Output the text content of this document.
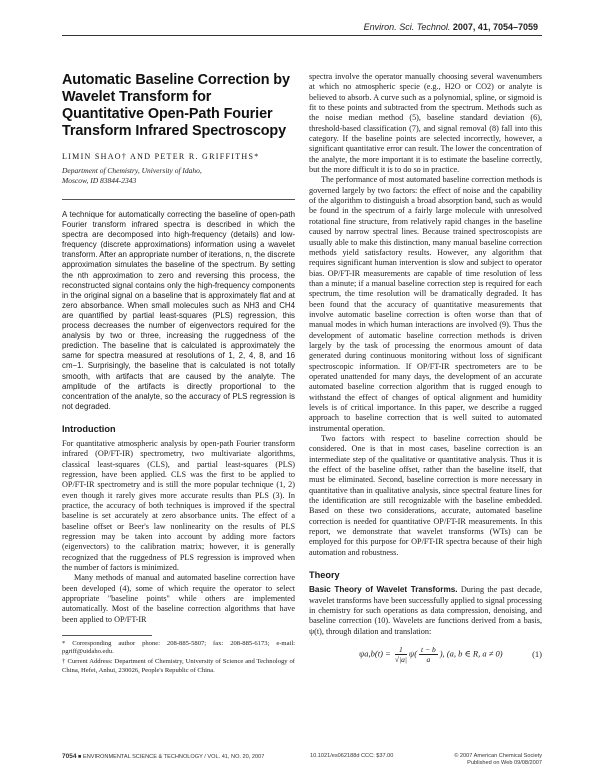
Environ. Sci. Technol. 2007, 41, 7054–7059
Automatic Baseline Correction by Wavelet Transform for Quantitative Open-Path Fourier Transform Infrared Spectroscopy

LIMIN SHAO† AND PETER R. GRIFFITHS*

Department of Chemistry, University of Idaho,
Moscow, ID 83844-2343

A technique for automatically correcting the baseline of open-path Fourier transform infrared spectra is described in which the spectra are decomposed into high-frequency (details) and low-frequency (discrete approximations) information using a wavelet transform. After an appropriate number of iterations, n, the discrete approximation simulates the baseline of the spectrum. By setting the nth approximation to zero and reversing this process, the reconstructed signal contains only the high-frequency components in the original signal on a baseline that is approximately flat and at zero absorbance. When small molecules such as NH3 and CH4 are quantified by partial least-squares (PLS) regression, this process decreases the number of eigenvectors required for the analysis by two or three, increasing the ruggedness of the prediction. The baseline that is calculated is approximately the same for spectra measured at resolutions of 1, 2, 4, 8, and 16 cm−1. Surprisingly, the baseline that is calculated is not totally smooth, with artifacts that are caused by the analyte. The amplitude of the artifacts is directly proportional to the concentration of the analyte, so the accuracy of PLS regression is not degraded.

Introduction

For quantitative atmospheric analysis by open-path Fourier transform infrared (OP/FT-IR) spectrometry, two multivariate algorithms, classical least-squares (CLS), and partial least-squares (PLS) regression, have been applied. CLS was the first to be applied to OP/FT-IR spectrometry and is still the more popular technique (1, 2) even though it rarely gives more accurate results than PLS (3). In practice, the accuracy of both techniques is improved if the spectral baseline is set accurately at zero absorbance units. The effect of a baseline offset or Beer's law nonlinearity on the results of PLS regression may be taken into account by adding more factors (eigenvectors) to the calibration matrix; however, it is generally recognized that the ruggedness of PLS regression is improved when the number of factors is minimized.

Many methods of manual and automated baseline correction have been developed (4), some of which require the operator to select appropriate "baseline points" while others are implemented automatically. Most of the baseline correction algorithms that have been applied to OP/FT-IR

* Corresponding author phone: 208-885-5807; fax: 208-885-6173; e-mail: pgriff@uidaho.edu.

† Current Address: Department of Chemistry, University of Science and Technology of China, Hefei, Anhui, 230026, People's Republic of China.

spectra involve the operator manually choosing several wavenumbers at which no atmospheric specie (e.g., H2O or CO2) or analyte is believed to absorb. A curve such as a polynomial, spline, or sigmoid is fit to these points and subtracted from the spectrum. Methods such as the noise median method (5), baseline standard deviation (6), threshold-based classification (7), and signal removal (8) fall into this category. If the baseline points are selected incorrectly, however, a significant quantitative error can result. The lower the concentration of the analyte, the more important it is to estimate the baseline correctly, but the more difficult it is to do so in practice.

The performance of most automated baseline correction methods is governed largely by two factors: the effect of noise and the capability of the algorithm to distinguish a broad absorption band, such as would be found in the spectrum of a fairly large molecule with unresolved rotational fine structure, from relatively rapid changes in the baseline caused by narrow spectral lines. Because trained spectroscopists are usually able to make this distinction, many manual baseline correction methods yield satisfactory results. However, any algorithm that requires significant human intervention is slow and subject to operator bias. OP/FT-IR measurements are capable of time resolution of less than a minute; if a manual baseline correction step is required for each spectrum, the time resolution will be dramatically degraded. It has been found that the accuracy of quantitative measurements that involve automatic baseline correction is often worse than that of manual modes in which human interactions are involved (9). Thus the development of automatic baseline correction methods is driven largely by the task of processing the enormous amount of data generated during continuous monitoring without loss of significant spectroscopic information. If OP/FT-IR spectrometers are to be operated unattended for many days, the development of an accurate automated baseline correction algorithm that is rugged enough to withstand the effect of changes of optical alignment and humidity levels is of critical importance. In this paper, we describe a rugged approach to baseline correction that is well suited to automated instrumental operation.

Two factors with respect to baseline correction should be considered. One is that in most cases, baseline correction is an intermediate step of the qualitative or quantitative analysis. Thus it is the effect of the baseline offset, rather than the baseline itself, that must be eliminated. Second, baseline correction is more necessary in quantitative than in qualitative analysis, since spectral feature lines for the identification are still recognizable with the baseline embedded. Based on these two considerations, accurate, automated baseline correction is needed for quantitative OP/FT-IR measurements. In this report, we demonstrate that wavelet transforms (WTs) can be employed for this purpose for OP/FT-IR spectra because of their high automation and robustness.

Theory

Basic Theory of Wavelet Transforms. During the past decade, wavelet transforms have been successfully applied to signal processing in chemistry for such operations as data compression, denoising, and baseline correction (10). Wavelets are functions derived from a basis, ψ(t), through dilation and translation:

$\psi a,b(t) = \frac{1}{√|a|} \psi( \frac{t - b}{a}$ ), (a, b ∈ R, a ≠ 0)	(1)
7054 ■ ENVIRONMENTAL SCIENCE & TECHNOLOGY / VOL. 41, NO. 20, 2007	10.1021/es062188d CCC: $37.00	© 2007 American Chemical Society
Published on Web 09/08/2007
